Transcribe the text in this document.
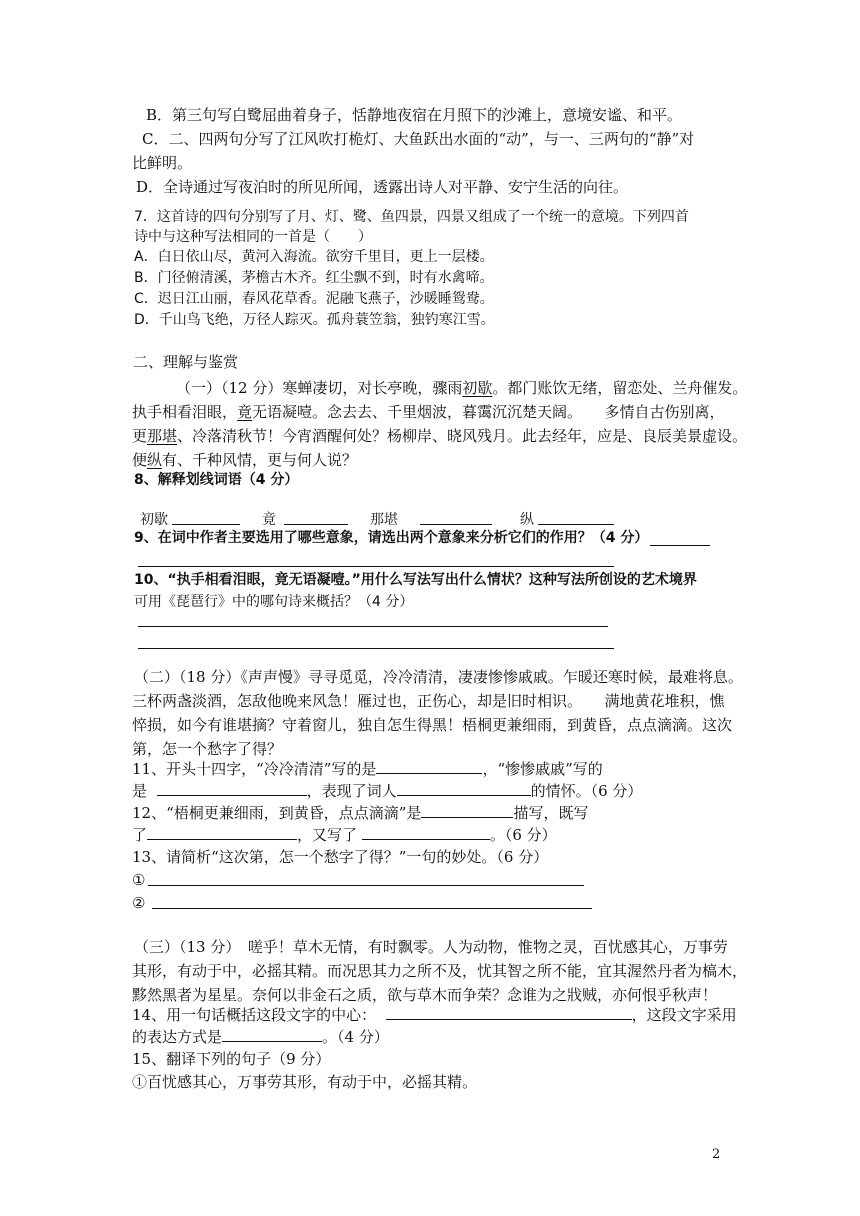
B．第三句写白鹭屈曲着身子，恬静地夜宿在月照下的沙滩上，意境安谧、和平。
C．二、四两句分写了江风吹打桅灯、大鱼跃出水面的“动”，与一、三两句的“静”对
比鲜明。
D．全诗通过写夜泊时的所见所闻，透露出诗人对平静、安宁生活的向往。
7．这首诗的四句分别写了月、灯、鹭、鱼四景，四景又组成了一个统一的意境。下列四首
诗中与这种写法相同的一首是（　　）
A．白日依山尽，黄河入海流。欲穷千里目，更上一层楼。
B．门径俯清溪，茅檐古木齐。红尘飘不到，时有水禽啼。
C．迟日江山丽，春风花草香。泥融飞燕子，沙暖睡鸳鸯。
D．千山鸟飞绝，万径人踪灭。孤舟蓑笠翁，独钓寒江雪。
二、理解与鉴赏
（一）（12 分）寒蝉凄切，对长亭晚，骤雨初歇。都门账饮无绪，留恋处、兰舟催发。
执手相看泪眼，竟无语凝噎。念去去、千里烟波，暮霭沉沉楚天阔。　　多情自古伤别离，
更那堪、冷落清秋节！今宵酒醒何处？杨柳岸、晓风残月。此去经年，应是、良辰美景虚设。
便纵有、千种风情，更与何人说？
8、解释划线词语（4 分）
初歇	竟	那堪	纵
9、在词中作者主要选用了哪些意象，请选出两个意象来分析它们的作用？（4 分）
10、“执手相看泪眼，竟无语凝噎。”用什么写法写出什么情状？这种写法所创设的艺术境界
可用《琵琶行》中的哪句诗来概括？（4 分）
（二）（18 分）《声声慢》寻寻觅觅，冷冷清清，凄凄惨惨戚戚。乍暖还寒时候，最难将息。
三杯两盏淡酒，怎敌他晚来风急！雁过也，正伤心，却是旧时相识。　　满地黄花堆积，憔
悴损，如今有谁堪摘？守着窗儿，独自怎生得黑！梧桐更兼细雨，到黄昏，点点滴滴。这次
第，怎一个愁字了得？
11、开头十四字，“冷冷清清”写的是	，“惨惨戚戚”写的
是	，表现了词人	的情怀。（6 分）
12、“梧桐更兼细雨，到黄昏，点点滴滴”是	描写，既写
了	，又写了	。（6 分）
13、请简析“这次第，怎一个愁字了得？”一句的妙处。（6 分）
①
②
（三）（13 分）　嗟乎！草木无情，有时飘零。人为动物，惟物之灵，百忧感其心，万事劳
其形，有动于中，必摇其精。而况思其力之所不及，忧其智之所不能，宜其渥然丹者为槁木，
黟然黑者为星星。奈何以非金石之质，欲与草木而争荣？念谁为之戕贼，亦何恨乎秋声！
14、用一句话概括这段文字的中心：	，这段文字采用
的表达方式是	。（4 分）
15、翻译下列的句子（9 分）
①百忧感其心，万事劳其形，有动于中，必摇其精。
2
